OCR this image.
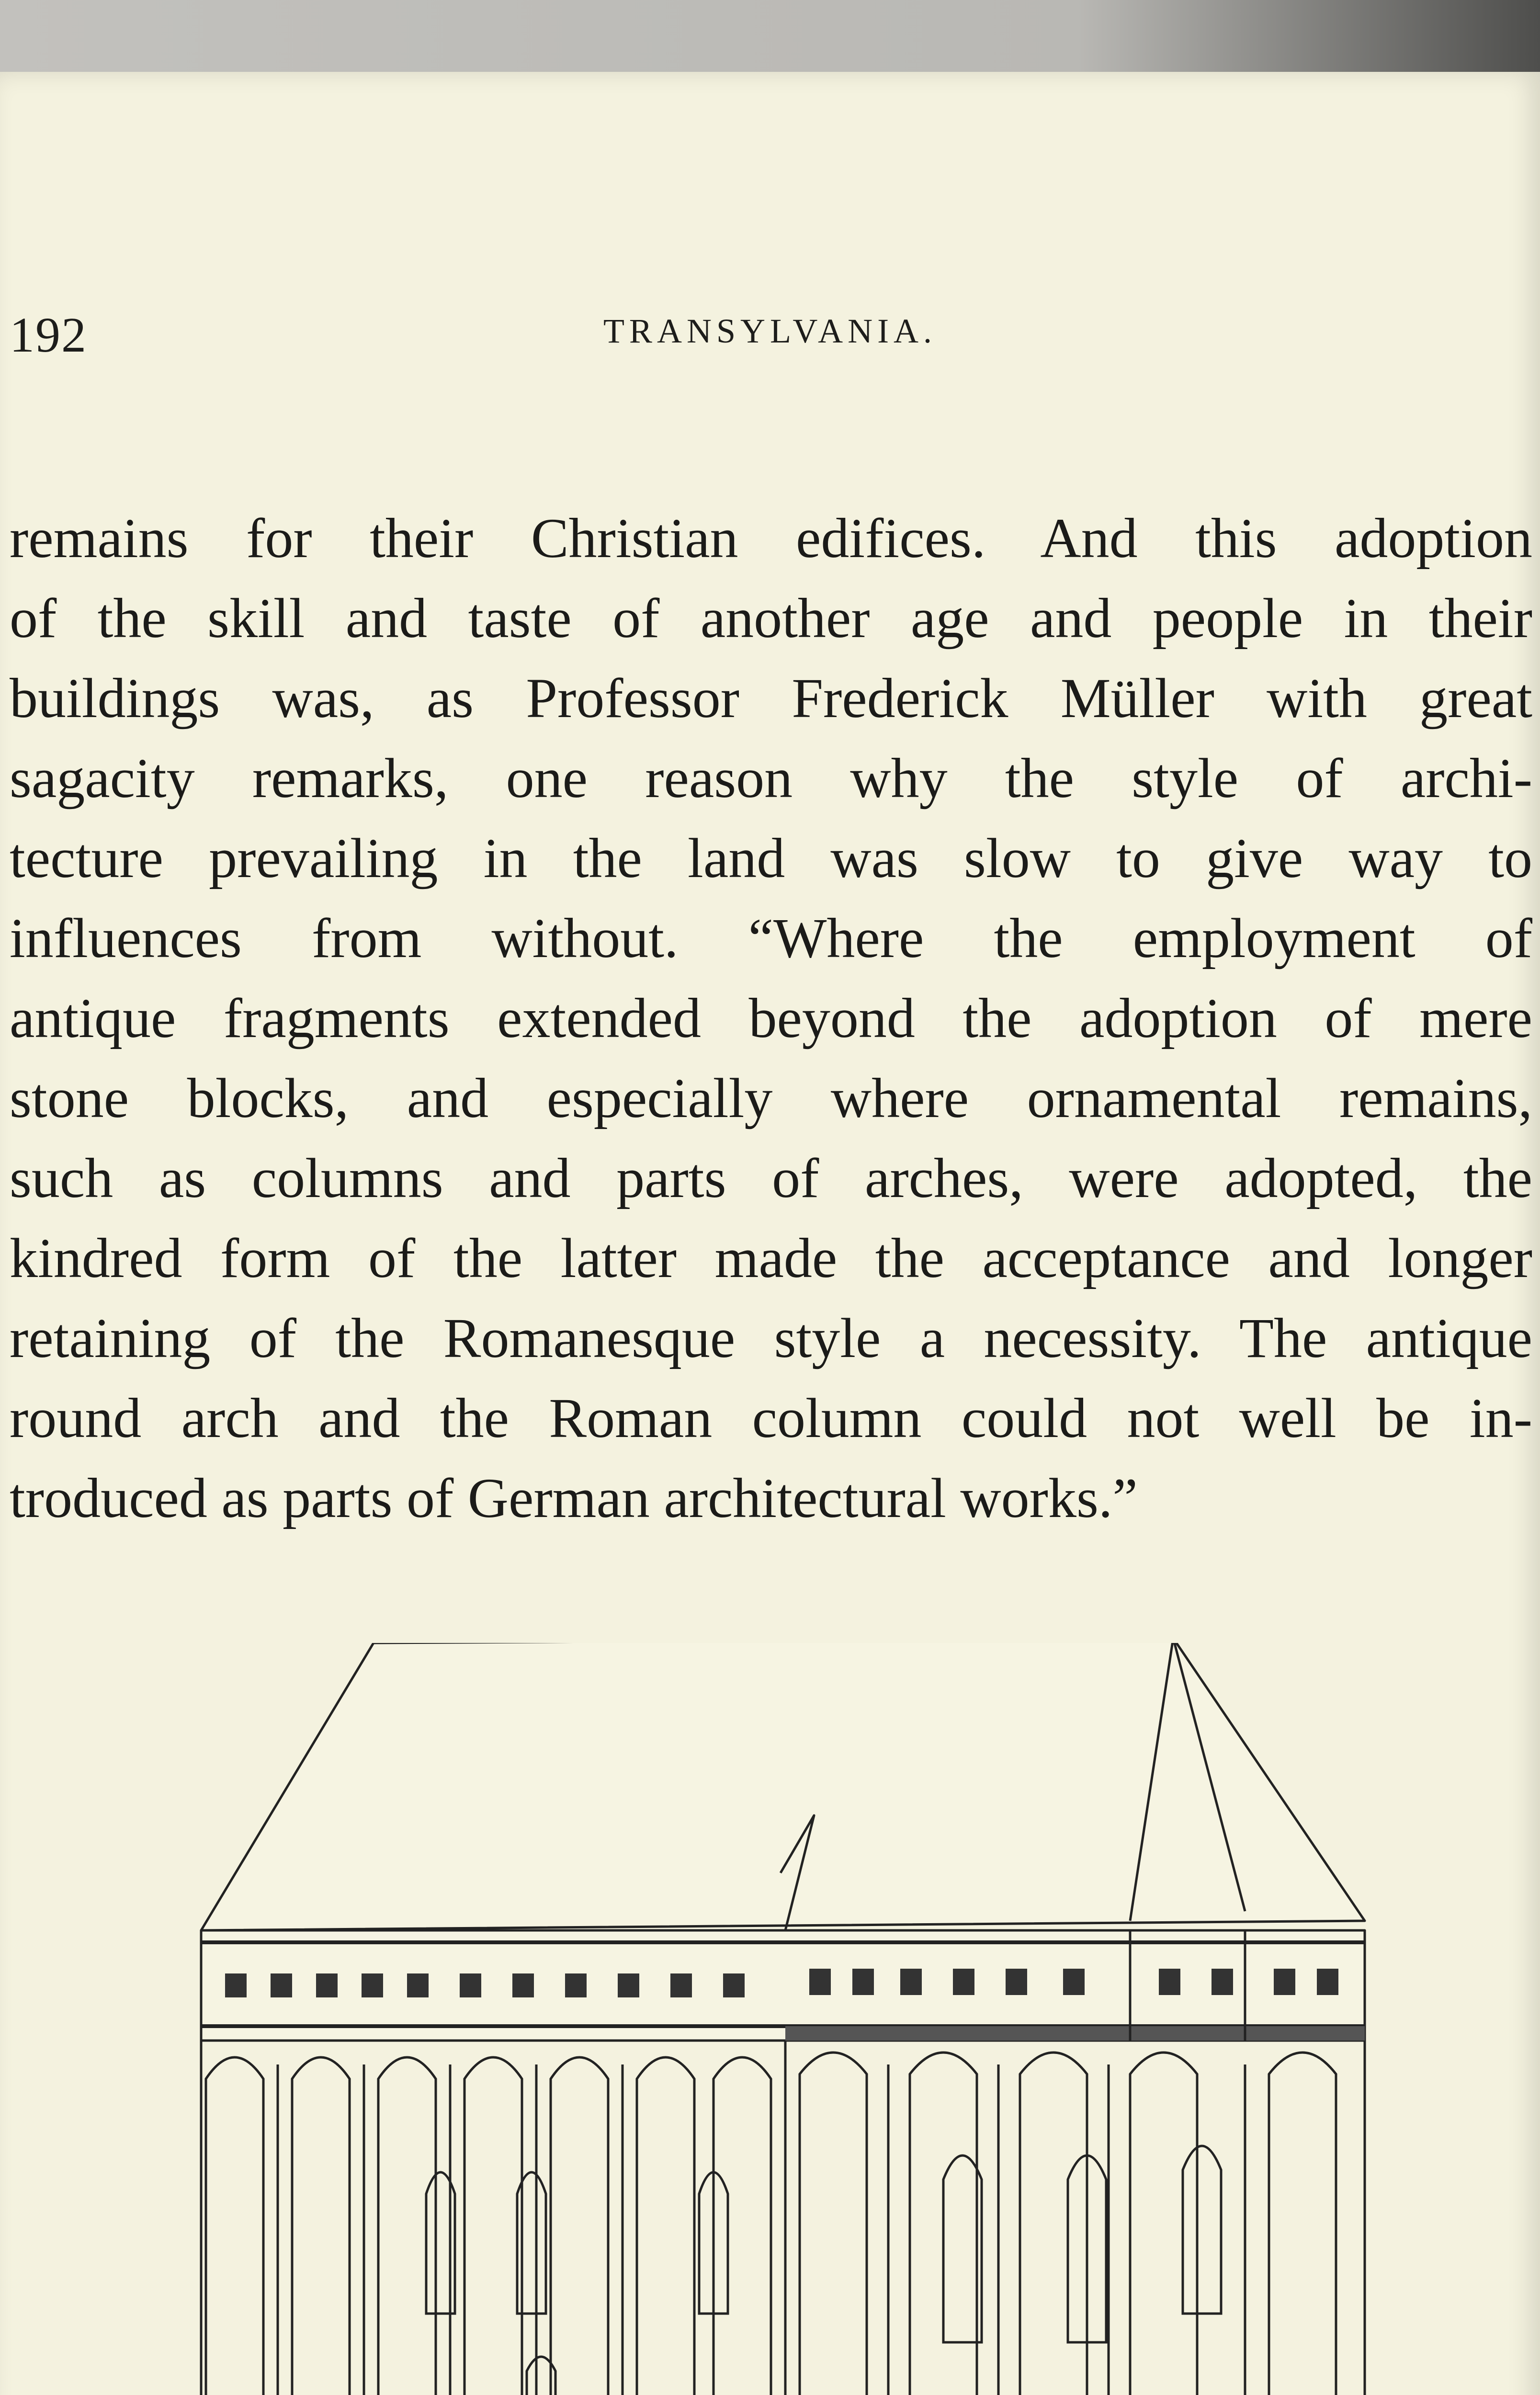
192	TRANSYLVANIA.
remains for their Christian edifices. And this adoption
of the skill and taste of another age and people in their
buildings was, as Professor Frederick Müller with great
sagacity remarks, one reason why the style of archi-
tecture prevailing in the land was slow to give way to
influences from without. “Where the employment of
antique fragments extended beyond the adoption of mere
stone blocks, and especially where ornamental remains,
such as columns and parts of arches, were adopted, the
kindred form of the latter made the acceptance and longer
retaining of the Romanesque style a necessity. The antique
round arch and the Roman column could not well be in-
troduced as parts of German architectural works.”
